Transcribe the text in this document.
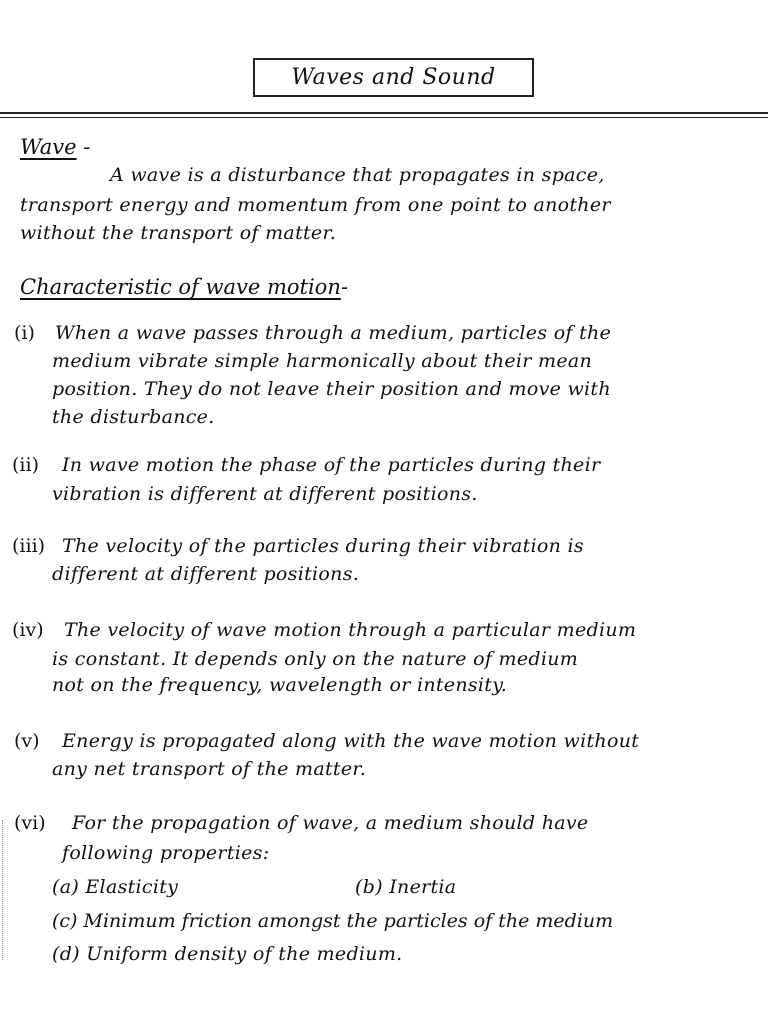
Waves and Sound
Wave -
A wave is a disturbance that propagates in space,
transport energy and momentum from one point to another
without the transport of matter.
Characteristic of wave motion-
(i) When a wave passes through a medium, particles of the
medium vibrate simple harmonically about their mean
position. They do not leave their position and move with
the disturbance.
(ii) In wave motion the phase of the particles during their
vibration is different at different positions.
(iii) The velocity of the particles during their vibration is
different at different positions.
(iv) The velocity of wave motion through a particular medium
is constant. It depends only on the nature of medium
not on the frequency, wavelength or intensity.
(v) Energy is propagated along with the wave motion without
any net transport of the matter.
(vi) For the propagation of wave, a medium should have
following properties:
(a) Elasticity	(b) Inertia
(c) Minimum friction amongst the particles of the medium
(d) Uniform density of the medium.
